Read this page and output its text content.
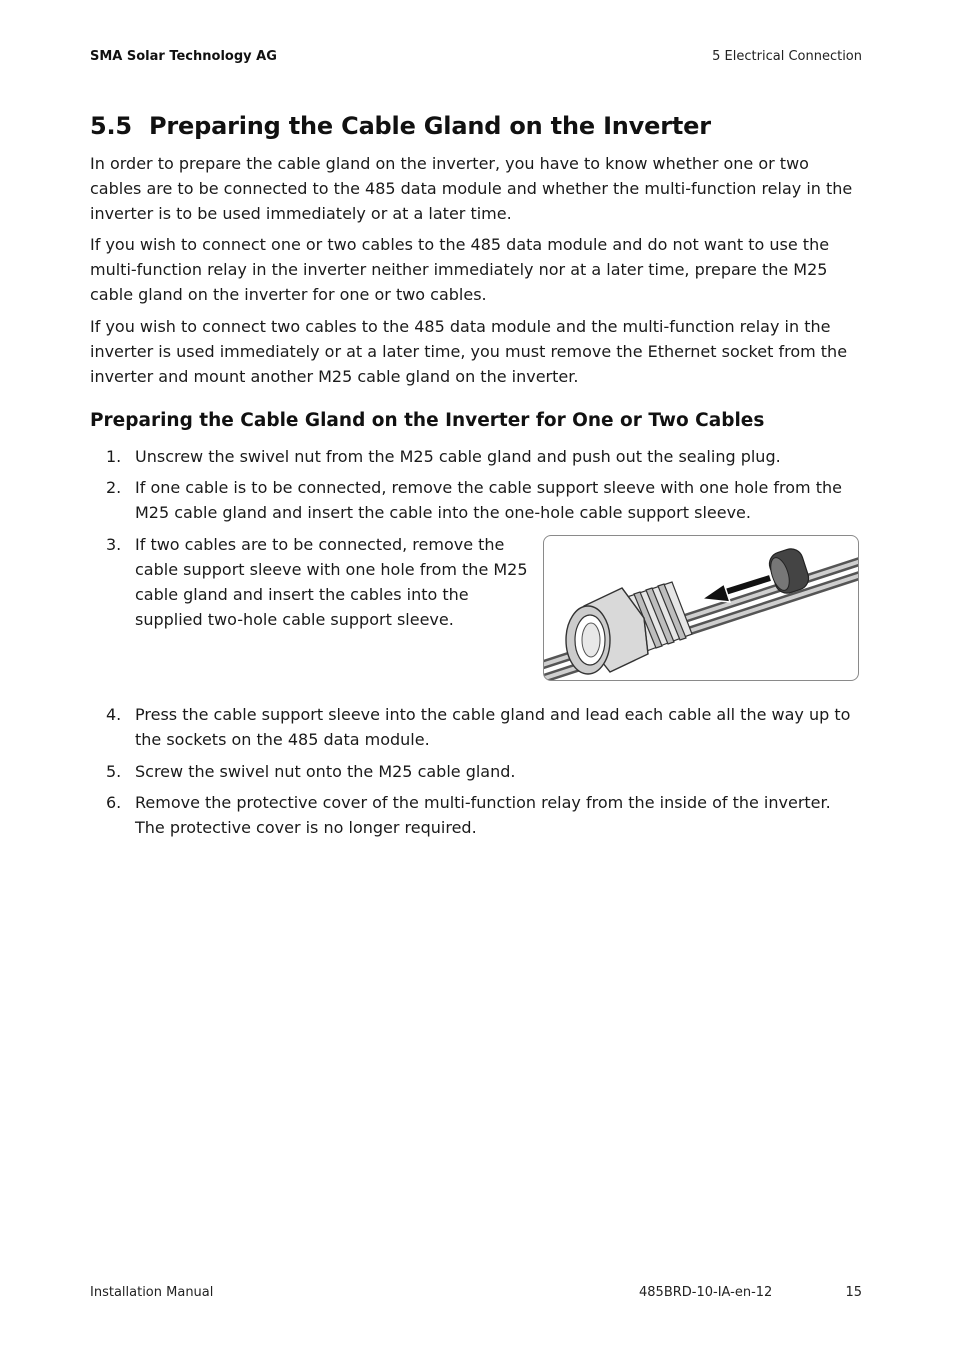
SMA Solar Technology AG	5 Electrical Connection
5.5 Preparing the Cable Gland on the Inverter

In order to prepare the cable gland on the inverter, you have to know whether one or two cables are to be connected to the 485 data module and whether the multi-function relay in the inverter is to be used immediately or at a later time.

If you wish to connect one or two cables to the 485 data module and do not want to use the multi-function relay in the inverter neither immediately nor at a later time, prepare the M25 cable gland on the inverter for one or two cables.

If you wish to connect two cables to the 485 data module and the multi-function relay in the inverter is used immediately or at a later time, you must remove the Ethernet socket from the inverter and mount another M25 cable gland on the inverter.

Preparing the Cable Gland on the Inverter for One or Two Cables
1. Unscrew the swivel nut from the M25 cable gland and push out the sealing plug.
2. If one cable is to be connected, remove the cable support sleeve with one hole from the M25 cable gland and insert the cable into the one-hole cable support sleeve.
3. If two cables are to be connected, remove the cable support sleeve with one hole from the M25 cable gland and insert the cables into the supplied two-hole cable support sleeve.
4. Press the cable support sleeve into the cable gland and lead each cable all the way up to the sockets on the 485 data module.
5. Screw the swivel nut onto the M25 cable gland.
6. Remove the protective cover of the multi-function relay from the inside of the inverter.
The protective cover is no longer required.
Installation Manual	485BRD-10-IA-en-12	15
